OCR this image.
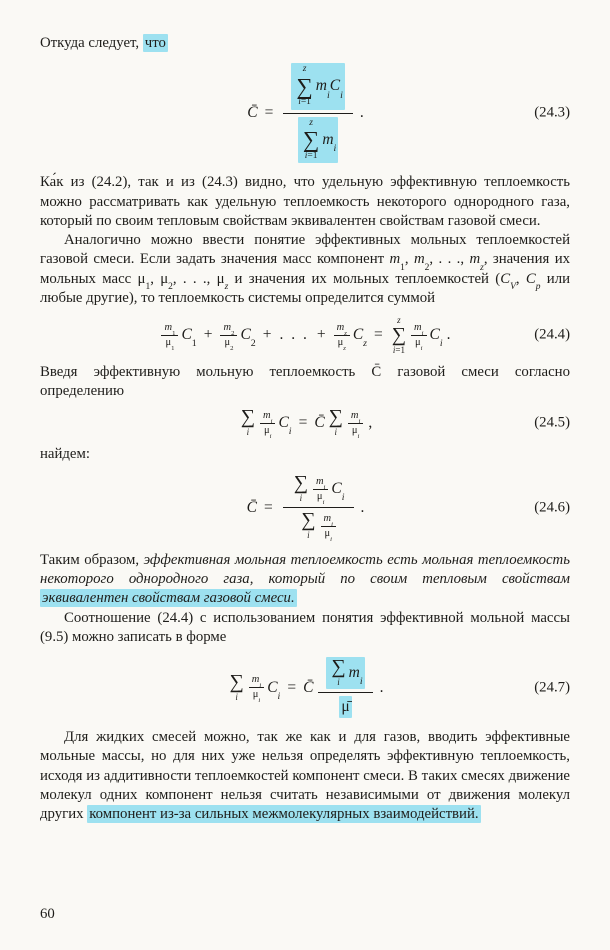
Откуда следует, что

C̄ =
z
∑
i=1
$m_iC_i$
z
∑
i=1
$m_i$
.	(24.3)

Ка́к из (24.2), так и из (24.3) видно, что удельную эффективную теплоемкость можно рассматривать как удельную теплоемкость некоторого однородного газа, который по своим тепловым свойствам эквивалентен свойствам газовой смеси.

Аналогично можно ввести понятие эффективных мольных теплоемкостей газовой смеси. Если задать значения масс компонент $m_1$, $m_2$, . . ., $m_z$, значения их мольных масс $\mu_1$, $\mu_2$, . . ., $\mu_z$ и значения их мольных теплоемкостей ($C_V$, $C_p$ или любые другие), то теплоемкость системы определится суммой

$m_1$
$\mu_1$
$C_1$
+ $m_2$
$\mu_2$
$C_2$
+ . . . + $m_z$
$\mu_z$
$C_z$
=
z
∑
i=1
$m_i$
$\mu_i$
$C_i$
.	(24.4)

Введя эффективную мольную теплоемкость C̄ газовой смеси согласно определению

∑
i
$m_i$
$\mu_i$
$C_i$
= C̄ ∑
i
$m_i$
$\mu_i$
,	(24.5)

найдем:

C̄ =
∑
i
$m_i$
$\mu_i$
$C_i$
∑
i
$m_i$
$\mu_i$
.	(24.6)

Таким образом, эффективная мольная теплоемкость есть мольная теплоемкость некоторого однородного газа, который по своим тепловым свойствам эквивалентен свойствам газовой смеси.

Соотношение (24.4) с использованием понятия эффективной мольной массы (9.5) можно записать в форме

∑
i
$m_i$
$\mu_i$
$C_i$
= C̄ ∑
i
$m_i$
μ̄ .	(24.7)

Для жидких смесей можно, так же как и для газов, вводить эффективные мольные массы, но для них уже нельзя определять эффективную теплоемкость, исходя из аддитивности теплоемкостей компонент смеси. В таких смесях движение молекул одних компонент нельзя считать независимыми от движения молекул других компонент из-за сильных межмолекулярных взаимодействий.

60
